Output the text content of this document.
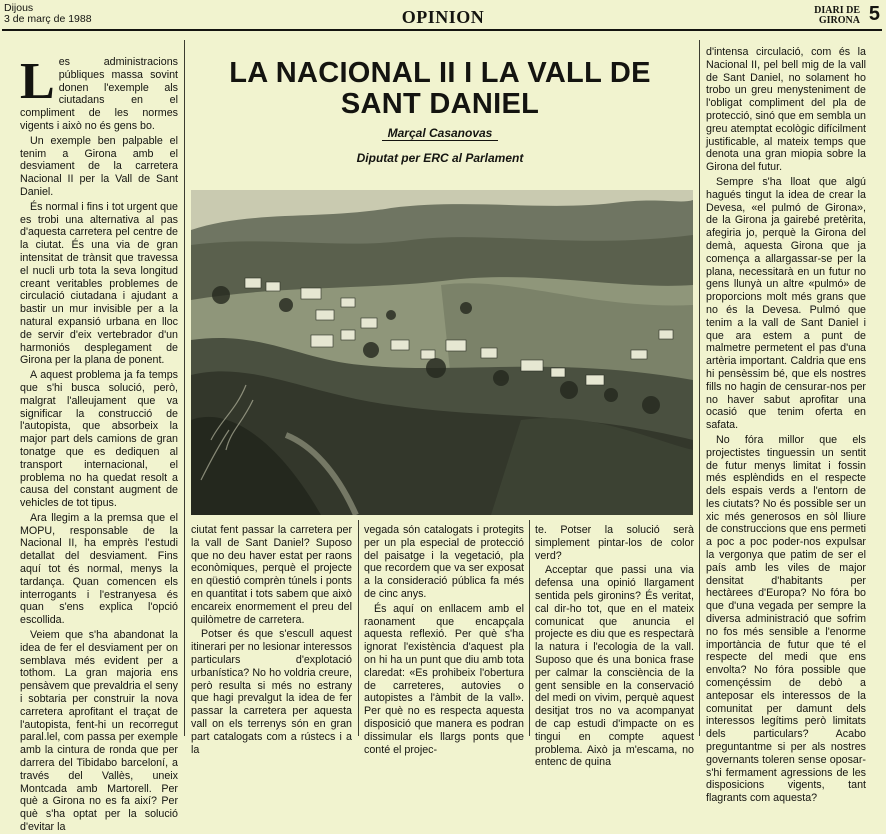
Dijous
3 de març de 1988	OPINION	DIARI DE
GIRONA 5

Les administracions públiques massa sovint donen l'exemple als ciutadans en el compliment de les normes vigents i això no és gens bo.

Un exemple ben palpable el tenim a Girona amb el desviament de la carretera Nacional II per la Vall de Sant Daniel.

És normal i fins i tot urgent que es trobi una alternativa al pas d'aquesta carretera pel centre de la ciutat. És una via de gran intensitat de trànsit que travessa el nucli urb tota la seva longitud creant veritables problemes de circulació ciutadana i ajudant a bastir un mur invisible per a la natural expansió urbana en lloc de servir d'eix vertebrador d'un harmoniós desplegament de Girona per la plana de ponent.

A aquest problema ja fa temps que s'hi busca solució, però, malgrat l'alleujament que va significar la construcció de l'autopista, que absorbeix la major part dels camions de gran tonatge que es dediquen al transport internacional, el problema no ha quedat resolt a causa del constant augment de vehicles de tot tipus.

Ara llegim a la premsa que el MOPU, responsable de la Nacional II, ha emprès l'estudi detallat del desviament. Fins aquí tot és normal, menys la tardança. Quan comencen els interrogants i l'estranyesa és quan s'ens explica l'opció escollida.

Veiem que s'ha abandonat la idea de fer el desviament per on semblava més evident per a tothom. La gran majoria ens pensàvem que prevaldria el seny i sobtaria per construir la nova carretera aprofitant el traçat de l'autopista, fent-hi un recorregut paral.lel, com passa per exemple amb la cintura de ronda que per darrera del Tibidabo barceloní, a través del Vallès, uneix Montcada amb Martorell. Per què a Girona no es fa així? Per què s'ha optat per la solució d'evitar la

LA NACIONAL II I LA VALL DE SANT DANIEL
Marçal Casanovas
Diputat per ERC al Parlament

d'intensa circulació, com és la Nacional II, pel bell mig de la vall de Sant Daniel, no solament ho trobo un greu menysteniment de l'obligat compliment del pla de protecció, sinó que em sembla un greu atemptat ecològic difícilment justificable, al mateix temps que denota una gran miopia sobre la Girona del futur.

Sempre s'ha lloat que algú hagués tingut la idea de crear la Devesa, «el pulmó de Girona», de la Girona ja gairebé pretèrita, afegiria jo, perquè la Girona del demà, aquesta Girona que ja comença a allargassar-se per la plana, necessitarà en un futur no gens llunyà un altre «pulmó» de proporcions molt més grans que no és la Devesa. Pulmó que tenim a la vall de Sant Daniel i que ara estem a punt de malmetre permetent el pas d'una artèria important. Caldria que ens hi pensèssim bé, que els nostres fills no hagin de censurar-nos per no haver sabut aprofitar una ocasió que tenim oferta en safata.

No fóra millor que els projectistes tinguessin un sentit de futur menys limitat i fossin més esplèndids en el respecte dels espais verds a l'entorn de les ciutats? No és possible ser un xic més generosos en sòl lliure de construccions que ens permeti a poc a poc poder-nos expulsar la vergonya que patim de ser el país amb les viles de major densitat d'habitants per hectàrees d'Europa? No fóra bo que d'una vegada per sempre la diversa administració que sofrim no fos més sensible a l'enorme importància de futur que té el respecte del medi que ens envolta? No fóra possible que començéssim de debò a anteposar els interessos de la comunitat per damunt dels interessos legítims però limitats dels particulars? Acabo preguntantme si per als nostres governants toleren sense oposar-s'hi fermament agressions de les disposicions vigents, tant flagrants com aquesta?

ciutat fent passar la carretera per la vall de Sant Daniel? Suposo que no deu haver estat per raons econòmiques, perquè el projecte en qüestió comprèn túnels i ponts en quantitat i tots sabem que això encareix enormement el preu del quilòmetre de carretera.

Potser és que s'escull aquest itinerari per no lesionar interessos particulars d'explotació urbanística? No ho voldria creure, però resulta si més no estrany que hagi prevalgut la idea de fer passar la carretera per aquesta vall on els terrenys són en gran part catalogats com a rústecs i a la

vegada són catalogats i protegits per un pla especial de protecció del paisatge i la vegetació, pla que recordem que va ser exposat a la consideració pública fa més de cinc anys.

És aquí on enllacem amb el raonament que encapçala aquesta reflexió. Per què s'ha ignorat l'existència d'aquest pla on hi ha un punt que diu amb tota claredat: «Es prohibeix l'obertura de carreteres, autovies o autopistes a l'àmbit de la vall». Per què no es respecta aquesta disposició que manera es podran dissimular els llargs ponts que conté el projec-

te. Potser la solució serà simplement pintar-los de color verd?

Acceptar que passi una via defensa una opinió llargament sentida pels gironins? És veritat, cal dir-ho tot, que en el mateix comunicat que anuncia el projecte es diu que es respectarà la natura i l'ecologia de la vall. Suposo que és una bonica frase per calmar la consciència de la gent sensible en la conservació del medi on vivim, perquè aquest desitjat tros no va acompanyat de cap estudi d'impacte on es tingui en compte aquest problema. Això ja m'escama, no entenc de quina
